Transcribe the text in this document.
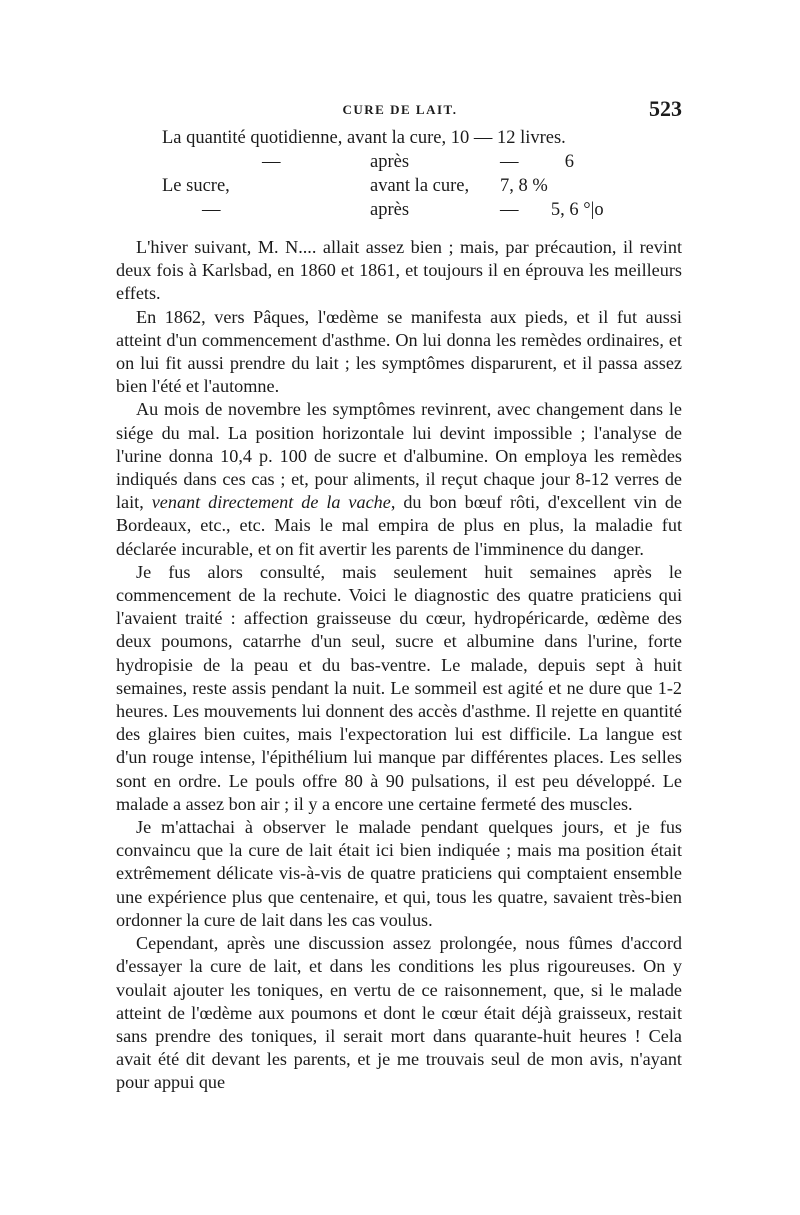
CURE DE LAIT.	523
La quantité quotidienne, avant la cure, 10 — 12 livres.
—	après	—          6
Le sucre,	avant la cure, 7, 8 %
—	après	—       5, 6 °|o

L'hiver suivant, M. N.... allait assez bien ; mais, par précaution, il revint deux fois à Karlsbad, en 1860 et 1861, et toujours il en éprouva les meilleurs effets.

En 1862, vers Pâques, l'œdème se manifesta aux pieds, et il fut aussi atteint d'un commencement d'asthme. On lui donna les remèdes ordinaires, et on lui fit aussi prendre du lait ; les symptômes disparurent, et il passa assez bien l'été et l'automne.

Au mois de novembre les symptômes revinrent, avec changement dans le siége du mal. La position horizontale lui devint impossible ; l'analyse de l'urine donna 10,4 p. 100 de sucre et d'albumine. On employa les remèdes indiqués dans ces cas ; et, pour aliments, il reçut chaque jour 8-12 verres de lait, venant directement de la vache, du bon bœuf rôti, d'excellent vin de Bordeaux, etc., etc. Mais le mal empira de plus en plus, la maladie fut déclarée incurable, et on fit avertir les parents de l'imminence du danger.

Je fus alors consulté, mais seulement huit semaines après le commencement de la rechute. Voici le diagnostic des quatre praticiens qui l'avaient traité : affection graisseuse du cœur, hydropéricarde, œdème des deux poumons, catarrhe d'un seul, sucre et albumine dans l'urine, forte hydropisie de la peau et du bas-ventre. Le malade, depuis sept à huit semaines, reste assis pendant la nuit. Le sommeil est agité et ne dure que 1-2 heures. Les mouvements lui donnent des accès d'asthme. Il rejette en quantité des glaires bien cuites, mais l'expectoration lui est difficile. La langue est d'un rouge intense, l'épithélium lui manque par différentes places. Les selles sont en ordre. Le pouls offre 80 à 90 pulsations, il est peu développé. Le malade a assez bon air ; il y a encore une certaine fermeté des muscles.

Je m'attachai à observer le malade pendant quelques jours, et je fus convaincu que la cure de lait était ici bien indiquée ; mais ma position était extrêmement délicate vis-à-vis de quatre praticiens qui comptaient ensemble une expérience plus que centenaire, et qui, tous les quatre, savaient très-bien ordonner la cure de lait dans les cas voulus.

Cependant, après une discussion assez prolongée, nous fûmes d'accord d'essayer la cure de lait, et dans les conditions les plus rigoureuses. On y voulait ajouter les toniques, en vertu de ce raisonnement, que, si le malade atteint de l'œdème aux poumons et dont le cœur était déjà graisseux, restait sans prendre des toniques, il serait mort dans quarante-huit heures ! Cela avait été dit devant les parents, et je me trouvais seul de mon avis, n'ayant pour appui que
